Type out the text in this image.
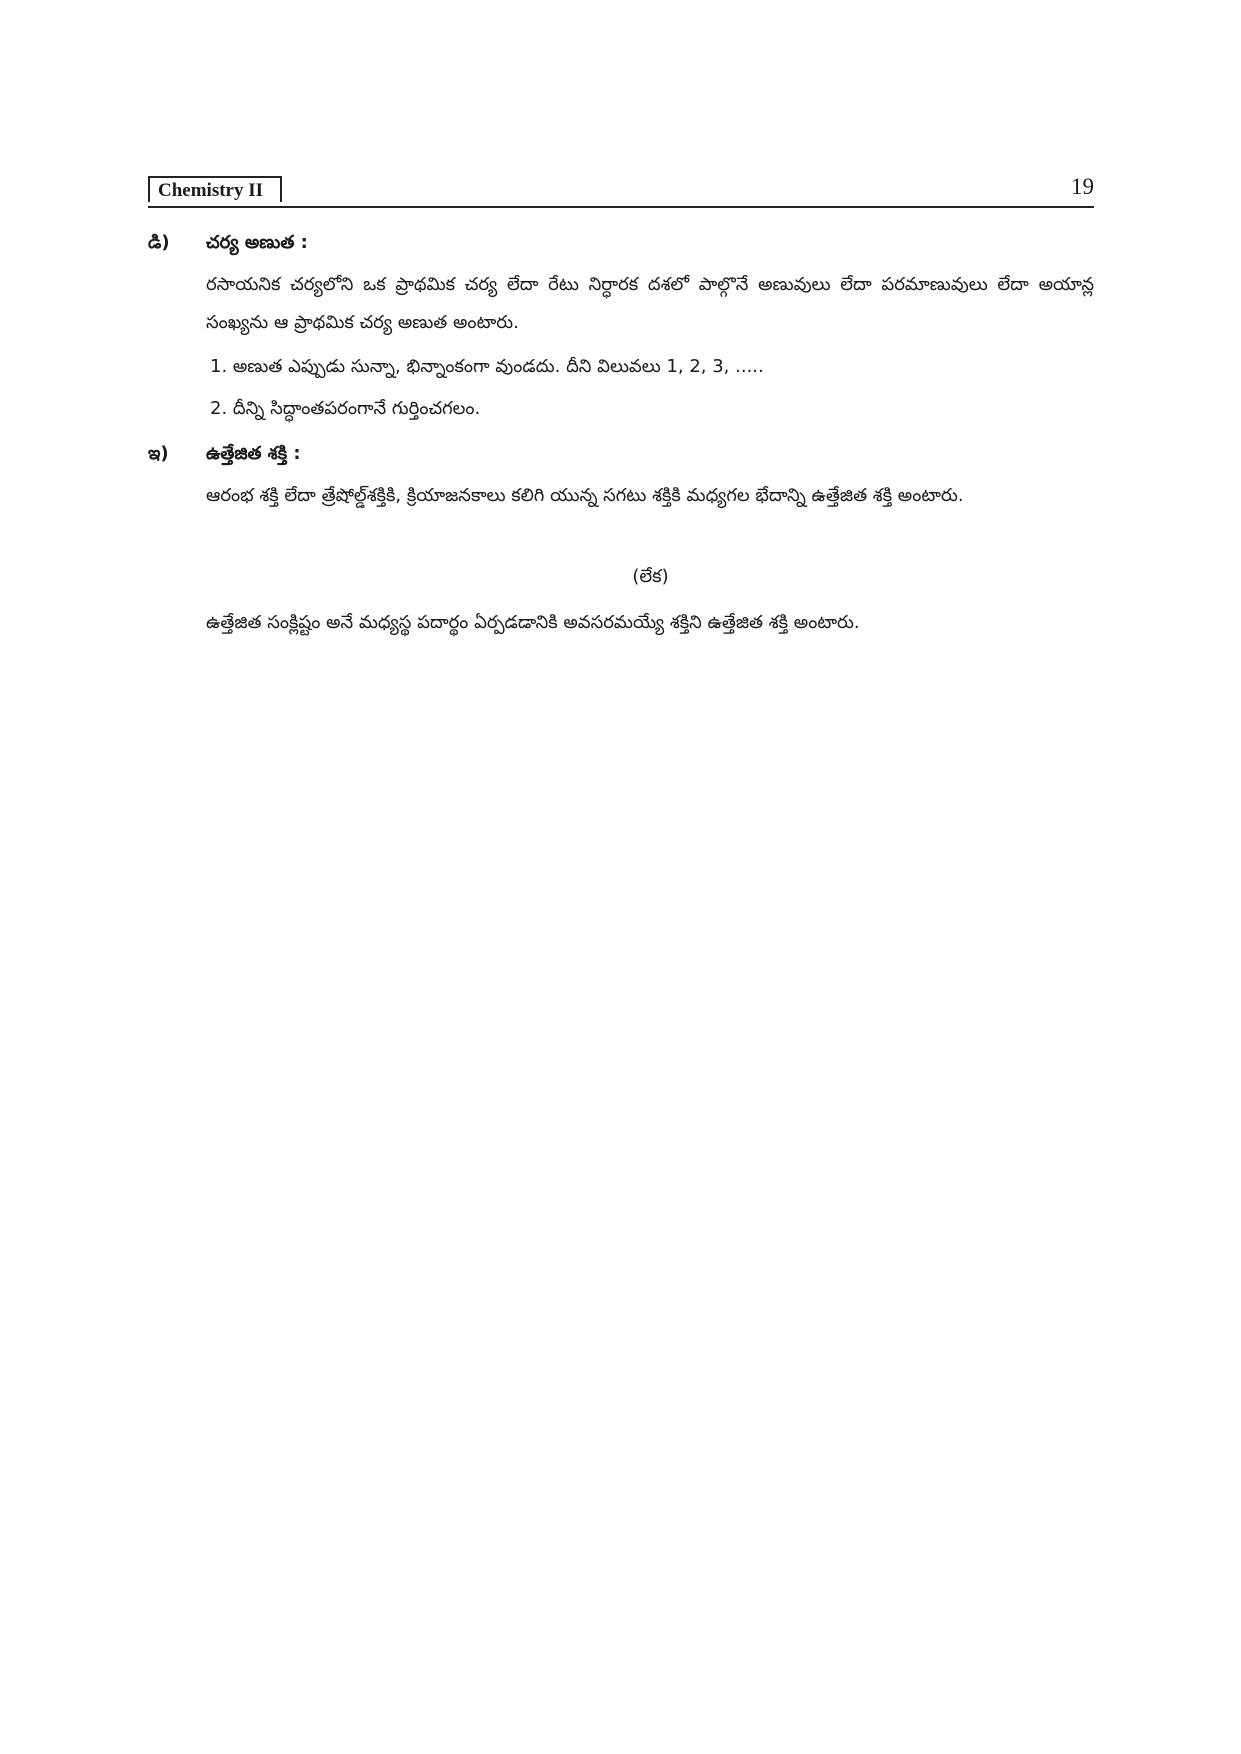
Chemistry II	19
డి) చర్య అణుత :
రసాయనిక చర్యలోని ఒక ప్రాథమిక చర్య లేదా రేటు నిర్ధారక దశలో పాల్గొనే అణువులు లేదా పరమాణువులు లేదా అయాన్ల సంఖ్యను ఆ ప్రాథమిక చర్య అణుత అంటారు.
1. అణుత ఎప్పుడు సున్నా, భిన్నాంకంగా వుండదు. దీని విలువలు 1, 2, 3, .....
2. దీన్ని సిద్ధాంతపరంగానే గుర్తించగలం.
ఇ) ఉత్తేజిత శక్తి :
ఆరంభ శక్తి లేదా త్రేషోల్డ్‌శక్తికి, క్రియాజనకాలు కలిగి యున్న సగటు శక్తికి మధ్యగల భేదాన్ని ఉత్తేజిత శక్తి అంటారు.
(లేక)
ఉత్తేజిత సంక్లిష్టం అనే మధ్యస్థ పదార్థం ఏర్పడడానికి అవసరమయ్యే శక్తిని ఉత్తేజిత శక్తి అంటారు.
